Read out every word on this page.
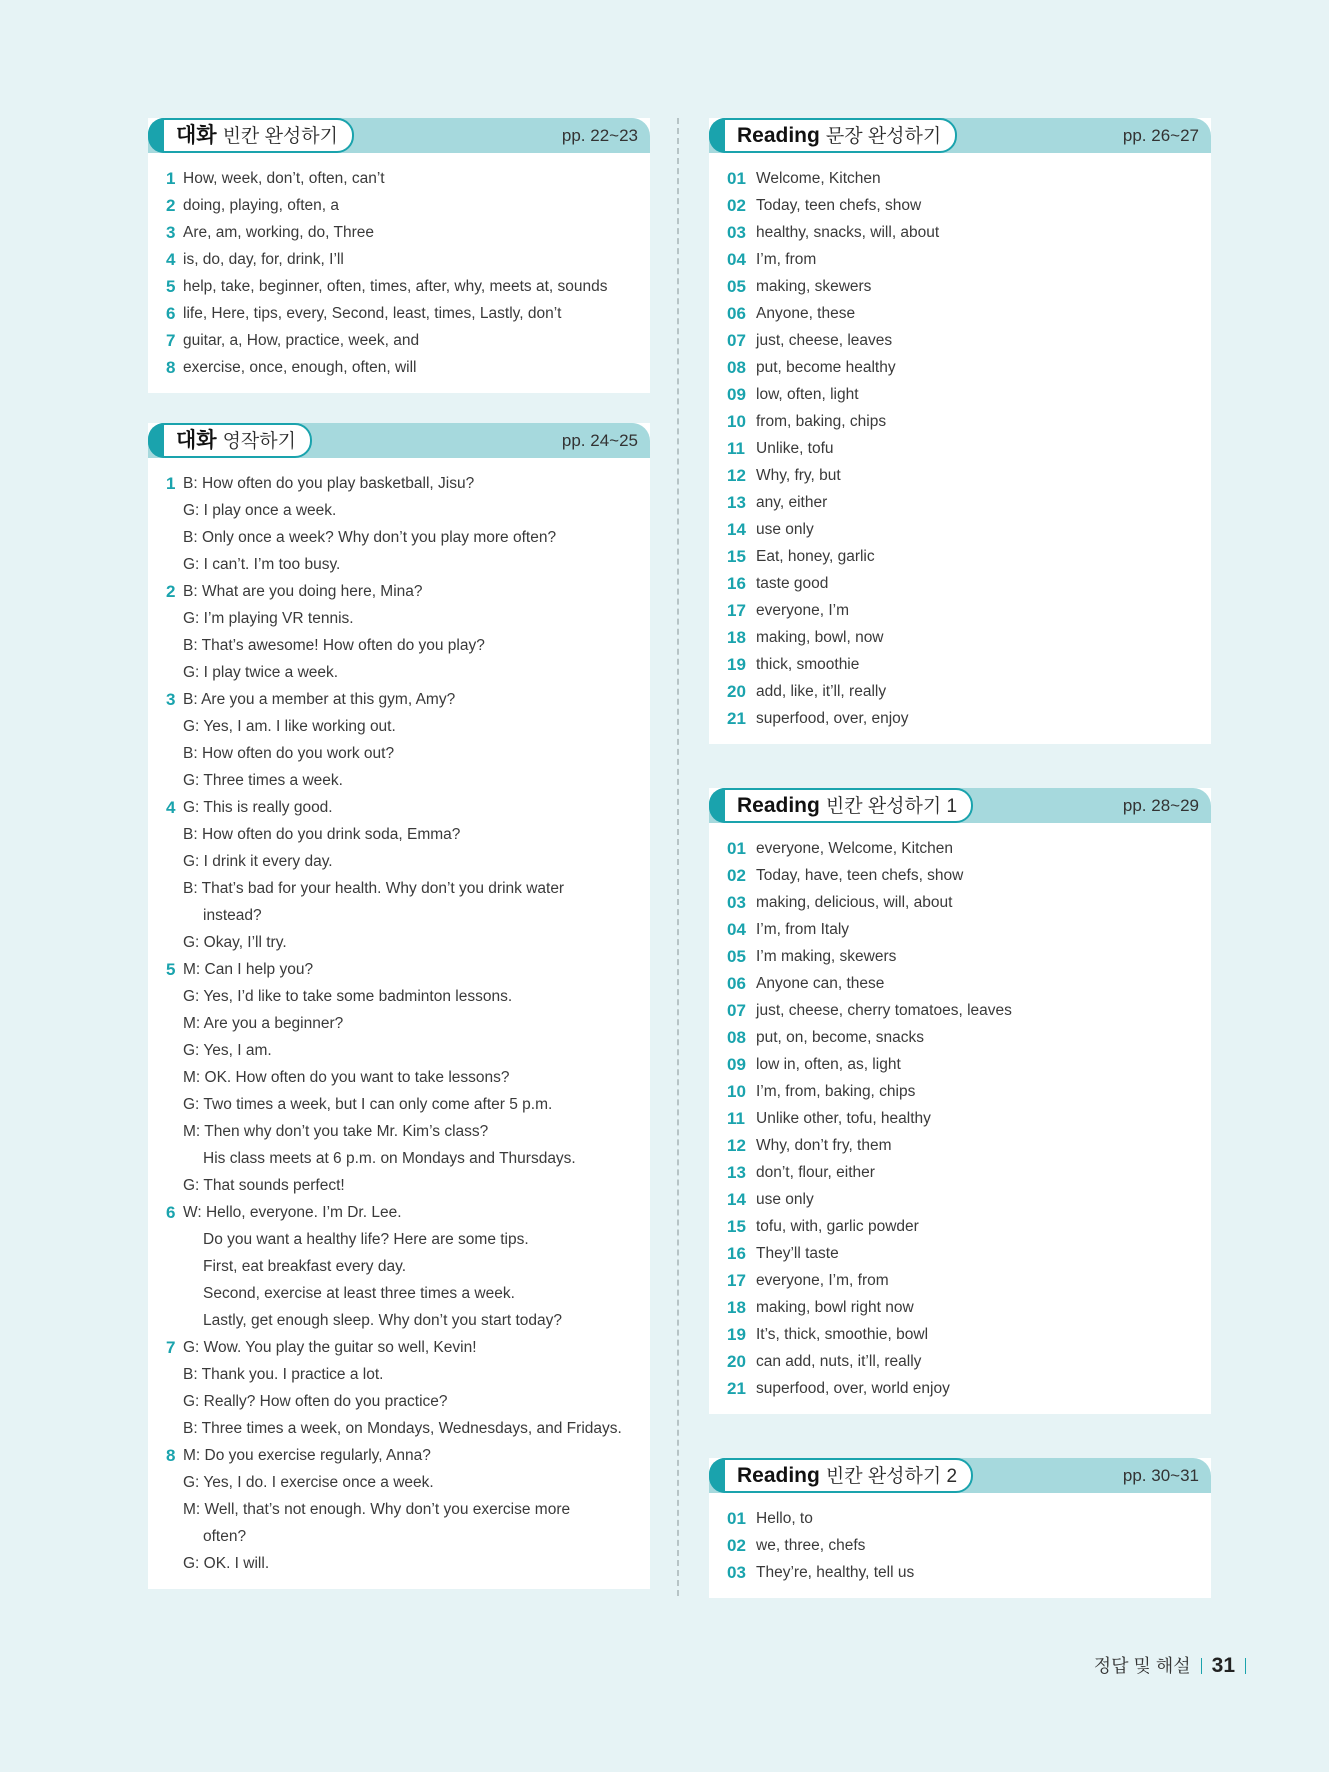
대화 빈칸 완성하기	pp. 22~23
1 How, week, don’t, often, can’t
2 doing, playing, often, a
3 Are, am, working, do, Three
4 is, do, day, for, drink, I’ll
5 help, take, beginner, often, times, after, why, meets at, sounds
6 life, Here, tips, every, Second, least, times, Lastly, don’t
7 guitar, a, How, practice, week, and
8 exercise, once, enough, often, will
대화 영작하기	pp. 24~25
1 B: How often do you play basketball, Jisu?
G: I play once a week.
B: Only once a week? Why don’t you play more often?
G: I can’t. I’m too busy.
2 B: What are you doing here, Mina?
G: I’m playing VR tennis.
B: That’s awesome! How often do you play?
G: I play twice a week.
3 B: Are you a member at this gym, Amy?
G: Yes, I am. I like working out.
B: How often do you work out?
G: Three times a week.
4 G: This is really good.
B: How often do you drink soda, Emma?
G: I drink it every day.
B: That’s bad for your health. Why don’t you drink water
instead?
G: Okay, I’ll try.
5 M: Can I help you?
G: Yes, I’d like to take some badminton lessons.
M: Are you a beginner?
G: Yes, I am.
M: OK. How often do you want to take lessons?
G: Two times a week, but I can only come after 5 p.m.
M: Then why don’t you take Mr. Kim’s class?
His class meets at 6 p.m. on Mondays and Thursdays.
G: That sounds perfect!
6 W: Hello, everyone. I’m Dr. Lee.
Do you want a healthy life? Here are some tips.
First, eat breakfast every day.
Second, exercise at least three times a week.
Lastly, get enough sleep. Why don’t you start today?
7 G: Wow. You play the guitar so well, Kevin!
B: Thank you. I practice a lot.
G: Really? How often do you practice?
B: Three times a week, on Mondays, Wednesdays, and Fridays.
8 M: Do you exercise regularly, Anna?
G: Yes, I do. I exercise once a week.
M: Well, that’s not enough. Why don’t you exercise more
often?
G: OK. I will.
Reading 문장 완성하기	pp. 26~27
01 Welcome, Kitchen
02 Today, teen chefs, show
03 healthy, snacks, will, about
04 I’m, from
05 making, skewers
06 Anyone, these
07 just, cheese, leaves
08 put, become healthy
09 low, often, light
10 from, baking, chips
11 Unlike, tofu
12 Why, fry, but
13 any, either
14 use only
15 Eat, honey, garlic
16 taste good
17 everyone, I’m
18 making, bowl, now
19 thick, smoothie
20 add, like, it’ll, really
21 superfood, over, enjoy
Reading 빈칸 완성하기 1	pp. 28~29
01 everyone, Welcome, Kitchen
02 Today, have, teen chefs, show
03 making, delicious, will, about
04 I’m, from Italy
05 I’m making, skewers
06 Anyone can, these
07 just, cheese, cherry tomatoes, leaves
08 put, on, become, snacks
09 low in, often, as, light
10 I’m, from, baking, chips
11 Unlike other, tofu, healthy
12 Why, don’t fry, them
13 don’t, flour, either
14 use only
15 tofu, with, garlic powder
16 They’ll taste
17 everyone, I’m, from
18 making, bowl right now
19 It’s, thick, smoothie, bowl
20 can add, nuts, it’ll, really
21 superfood, over, world enjoy
Reading 빈칸 완성하기 2	pp. 30~31
01 Hello, to
02 we, three, chefs
03 They’re, healthy, tell us
정답 및 해설 31
